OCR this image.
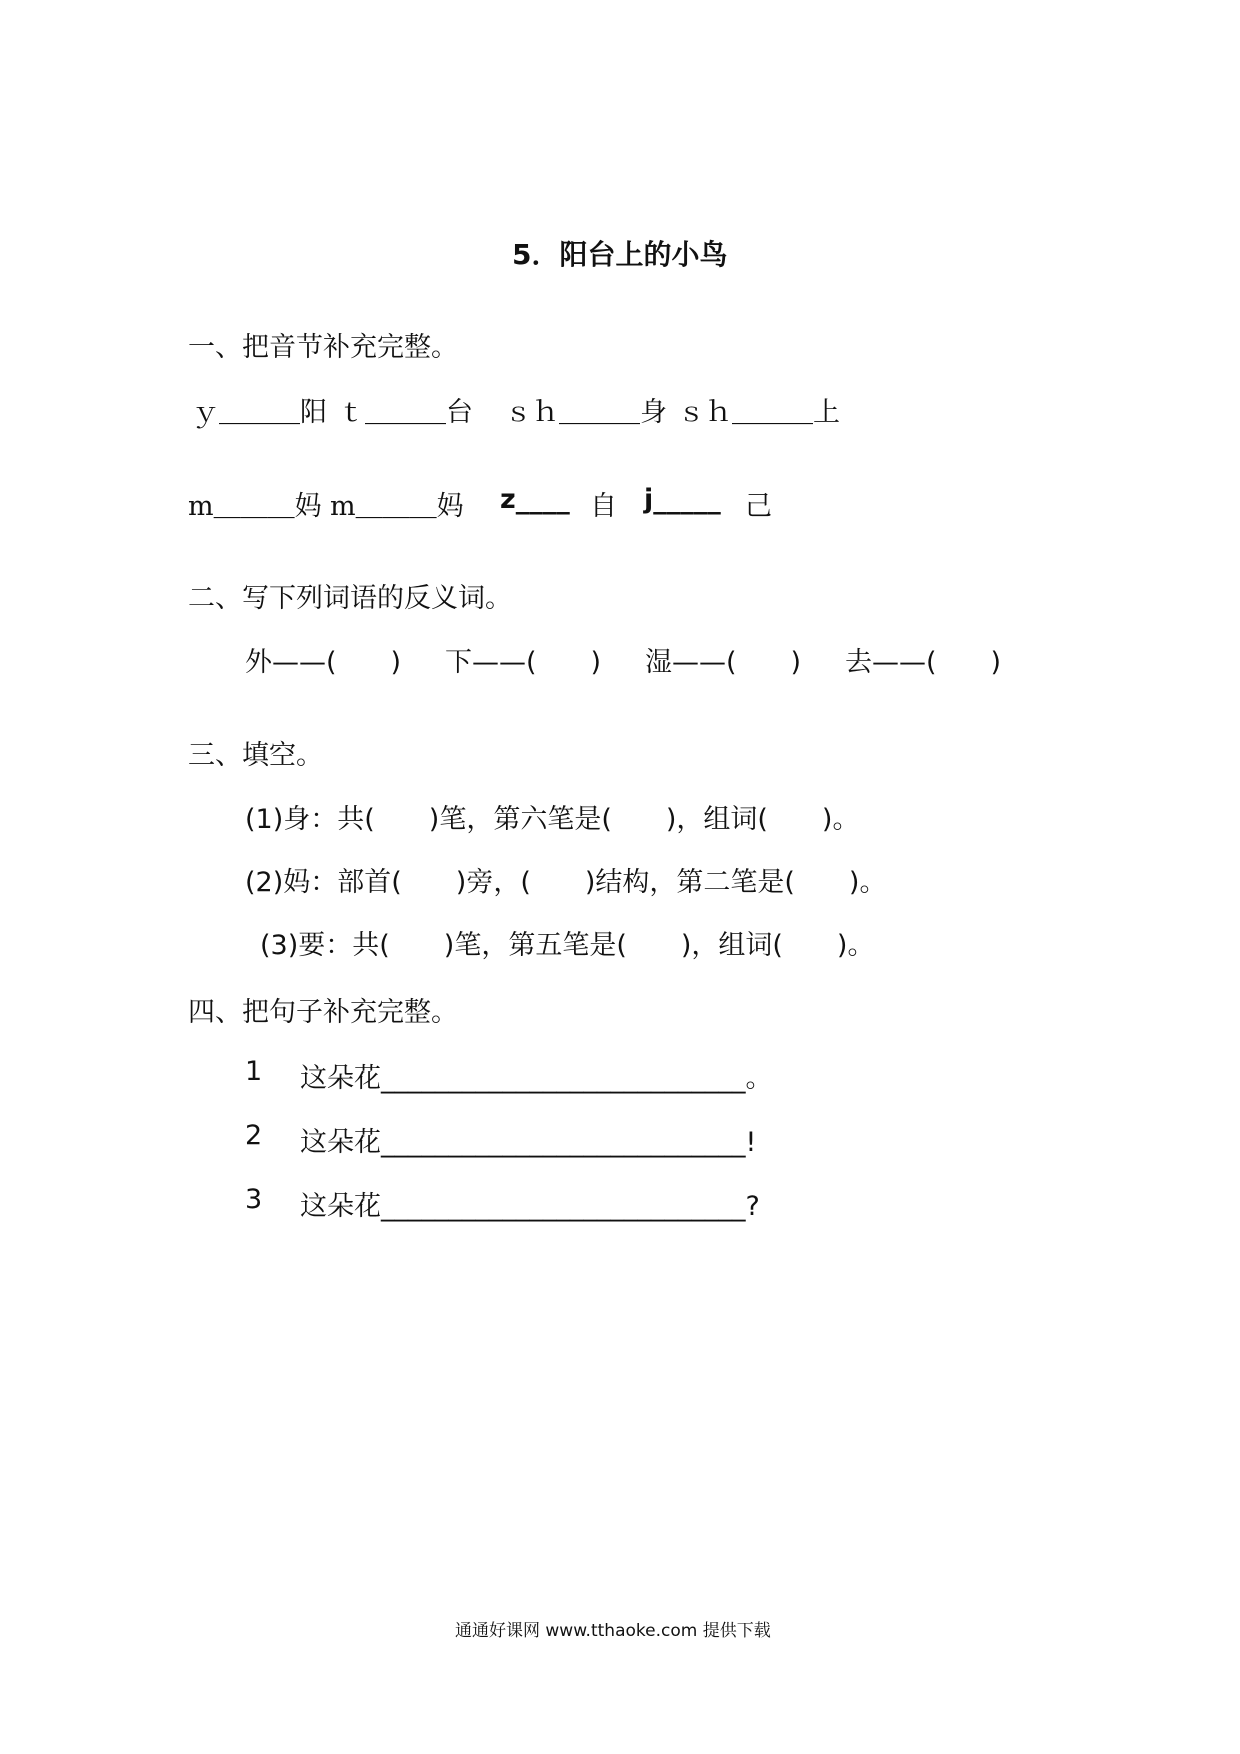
5．阳台上的小鸟
一、把音节补充完整。
ｙ＿＿＿阳 ｔ＿＿＿台 ｓｈ＿＿＿身 ｓｈ＿＿＿上
m＿＿＿妈 m＿＿＿妈 z____ 自 j_____ 己
二、写下列词语的反义词。
外——(　　) 下——(　　) 湿——(　　) 去——(　　)
三、填空。
(1)身：共(　　)笔，第六笔是(　　)，组词(　　)。
(2)妈：部首(　　)旁，(　　)结构，第二笔是(　　)。
(3)要：共(　　)笔，第五笔是(　　)，组词(　　)。
四、把句子补充完整。
1 这朵花___________________________。
2 这朵花___________________________!
3 这朵花___________________________?
通通好课网 www.tthaoke.com 提供下载
